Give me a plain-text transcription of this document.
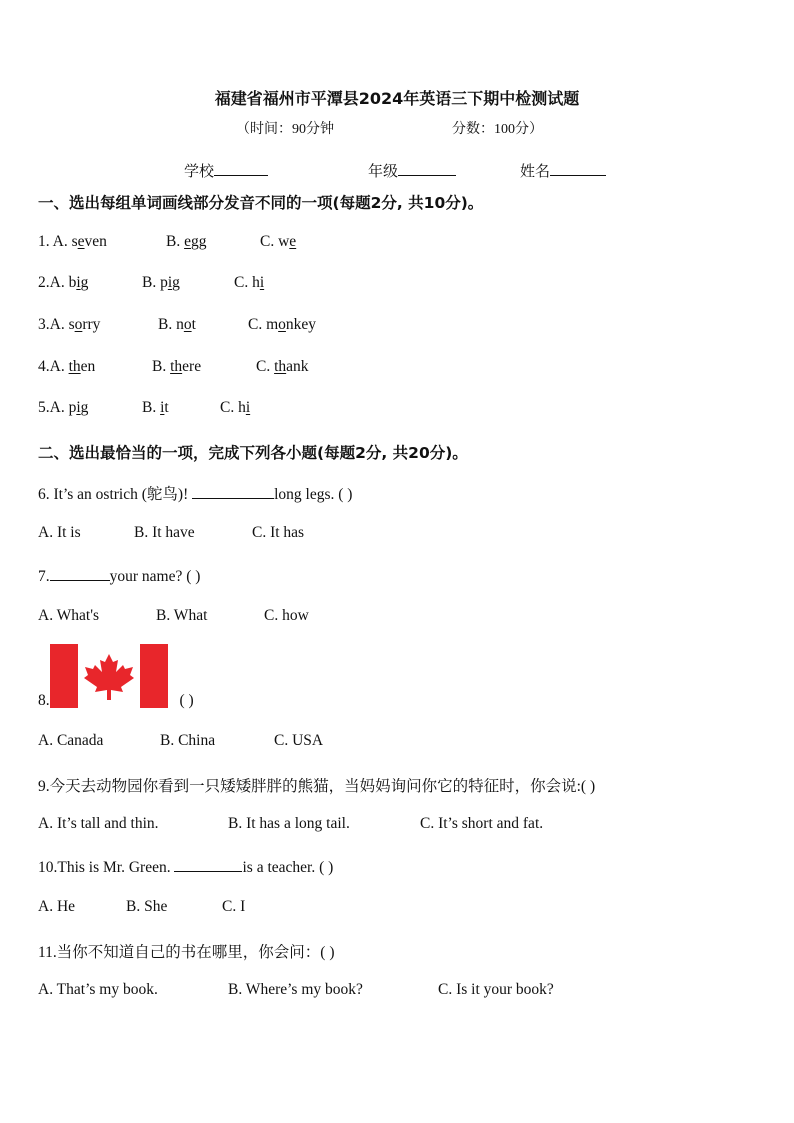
福建省福州市平潭县2024年英语三下期中检测试题
（时间：90分钟	分数：100分）
学校	年级	姓名
一、选出每组单词画线部分发音不同的一项(每题2分, 共10分)。
1. A. seven	B. egg	C. we
2.A. big	B. pig	C. hi
3.A. sorry	B. not	C. monkey
4.A. then	B. there	C. thank
5.A. pig	B. it	C. hi
二、选出最恰当的一项，完成下列各小题(每题2分, 共20分)。
6. It’s an ostrich (鸵鸟)!	long legs. ( )
A. It is	B. It have	C. It has
7.	your name? ( )
A. What's	B. What	C. how
8.	( )
A. Canada	B. China	C. USA
9.今天去动物园你看到一只矮矮胖胖的熊猫，当妈妈询问你它的特征时，你会说:( )
A. It’s tall and thin.	B. It has a long tail.	C. It’s short and fat.
10.This is Mr. Green.	is a teacher. ( )
A. He	B. She	C. I
11.当你不知道自己的书在哪里，你会问：( )
A. That’s my book.	B. Where’s my book?	C. Is it your book?
